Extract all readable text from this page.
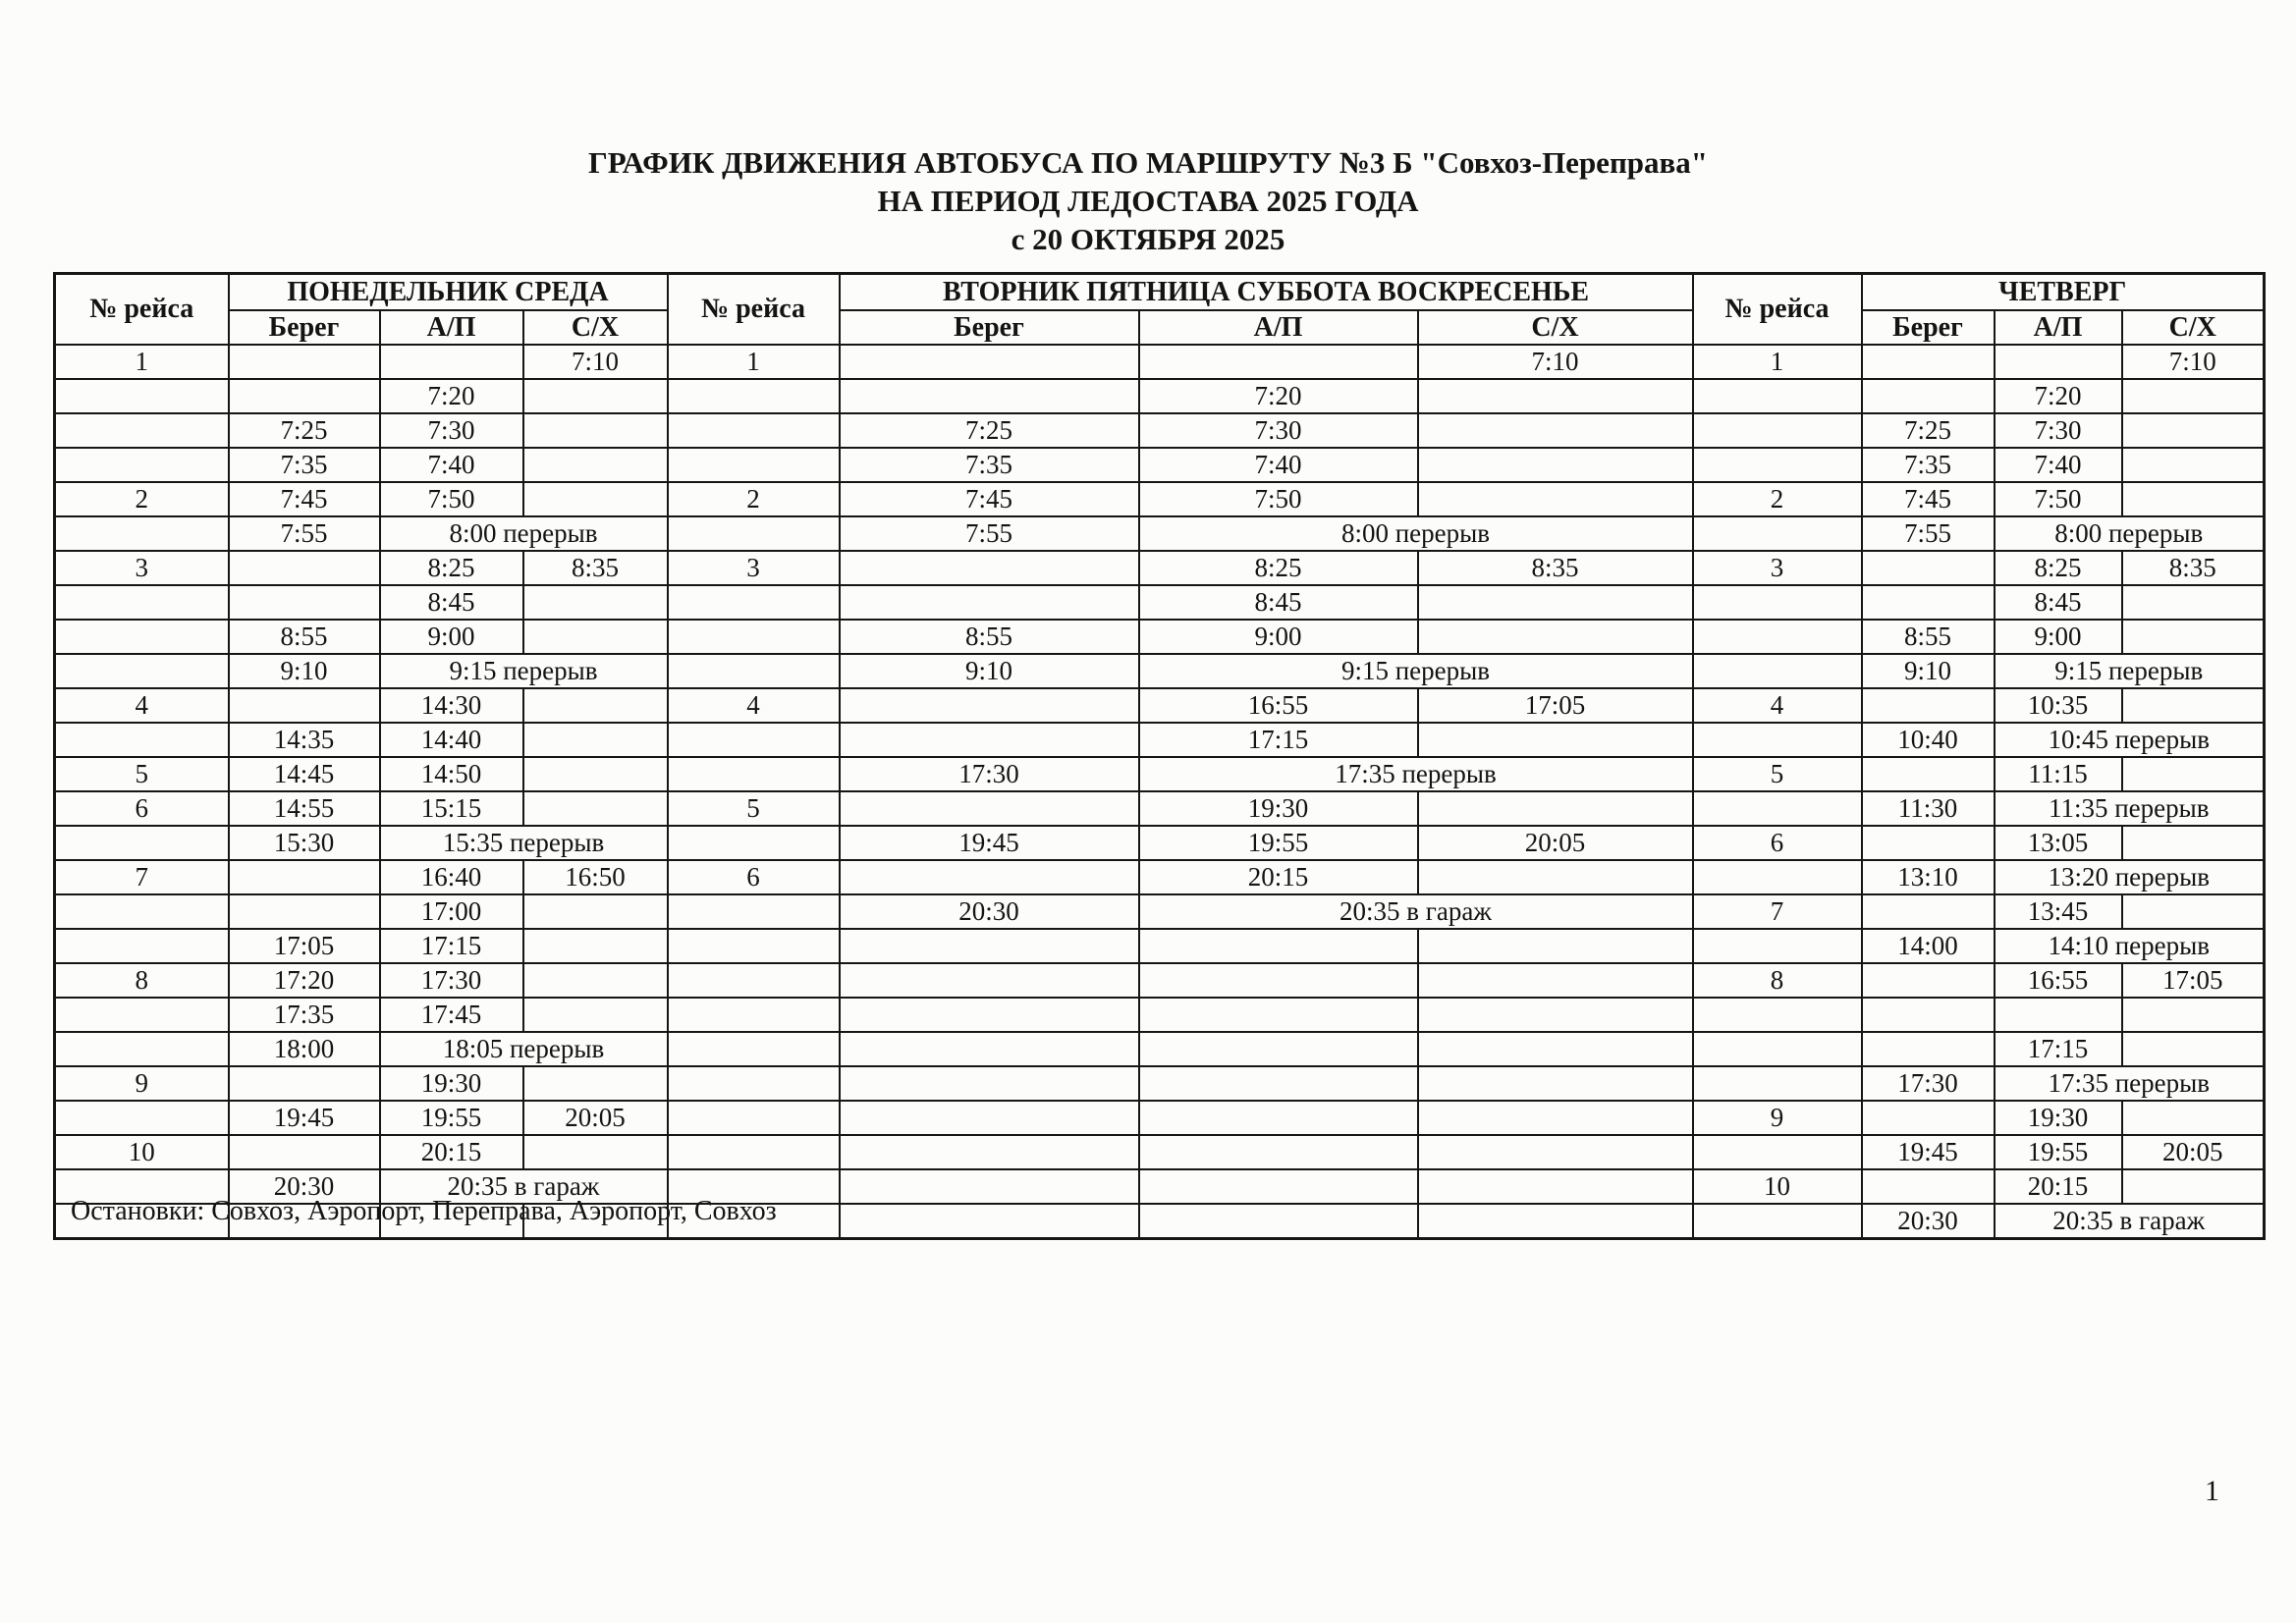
ГРАФИК ДВИЖЕНИЯ АВТОБУСА ПО МАРШРУТУ №3 Б "Совхоз-Переправа"
НА ПЕРИОД ЛЕДОСТАВА 2025 ГОДА
с 20 ОКТЯБРЯ 2025
№ рейса	ПОНЕДЕЛЬНИК СРЕДА			№ рейса	ВТОРНИК ПЯТНИЦА СУББОТА ВОСКРЕСЕНЬЕ			№ рейса	ЧЕТВЕРГ		
	Берег	А/П	С/Х		Берег	А/П	С/Х		Берег	А/П	С/Х
1			7:10	1			7:10	1			7:10
		7:20				7:20				7:20	
	7:25	7:30			7:25	7:30			7:25	7:30	
	7:35	7:40			7:35	7:40			7:35	7:40	
2	7:45	7:50		2	7:45	7:50		2	7:45	7:50	
	7:55	8:00 перерыв			7:55	8:00 перерыв			7:55	8:00 перерыв	
3		8:25	8:35	3		8:25	8:35	3		8:25	8:35
		8:45				8:45				8:45	
	8:55	9:00			8:55	9:00			8:55	9:00	
	9:10	9:15 перерыв			9:10	9:15 перерыв			9:10	9:15 перерыв	
4		14:30		4		16:55	17:05	4		10:35	
	14:35	14:40				17:15			10:40	10:45 перерыв	
5	14:45	14:50			17:30	17:35 перерыв		5		11:15	
6	14:55	15:15		5		19:30			11:30	11:35 перерыв	
	15:30	15:35 перерыв			19:45	19:55	20:05	6		13:05	
7		16:40	16:50	6		20:15			13:10	13:20 перерыв	
		17:00			20:30	20:35 в гараж		7		13:45	
	17:05	17:15							14:00	14:10 перерыв	
8	17:20	17:30						8		16:55	17:05
	17:35	17:45									
	18:00	18:05 перерыв								17:15	
9		19:30							17:30	17:35 перерыв	
	19:45	19:55	20:05					9		19:30	
10		20:15							19:45	19:55	20:05
	20:30	20:35 в гараж						10		20:15	
									20:30	20:35 в гараж	
Остановки: Совхоз, Аэропорт, Переправа, Аэропорт, Совхоз
1
